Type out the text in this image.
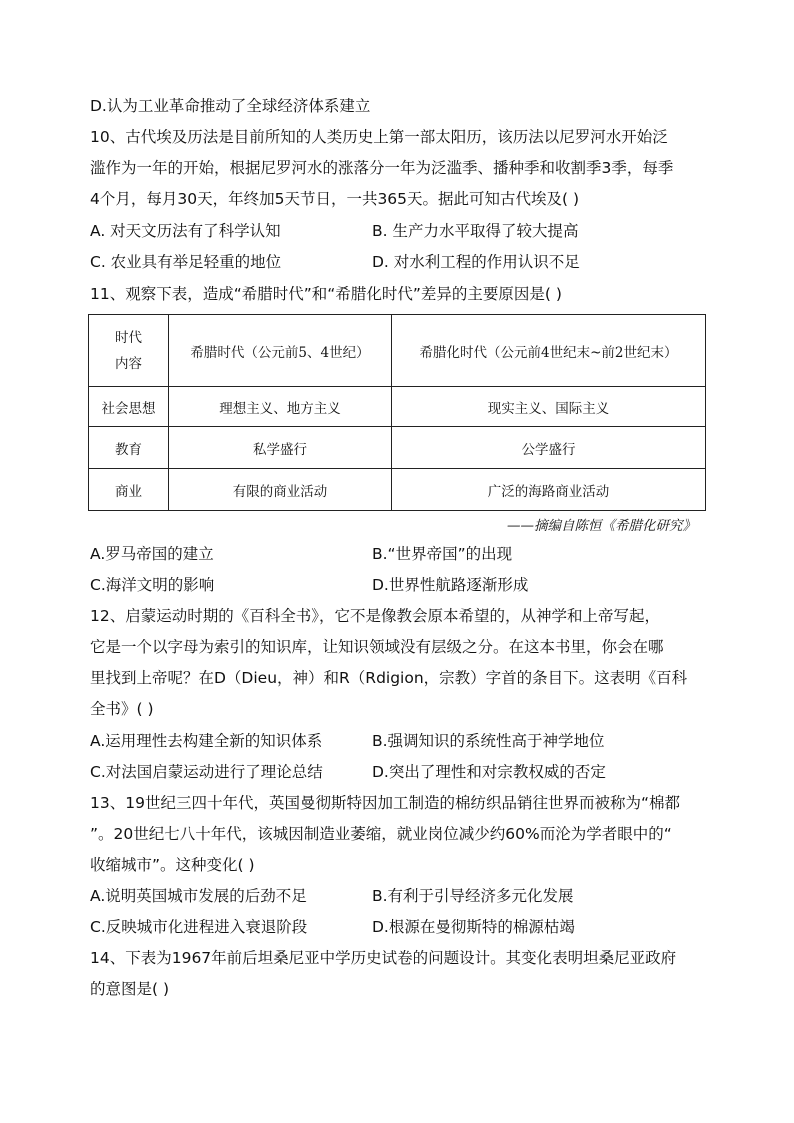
D.认为工业革命推动了全球经济体系建立
10、古代埃及历法是目前所知的人类历史上第一部太阳历，该历法以尼罗河水开始泛
滥作为一年的开始，根据尼罗河水的涨落分一年为泛滥季、播种季和收割季3季，每季
4个月，每月30天，年终加5天节日，一共365天。据此可知古代埃及( )
A. 对天文历法有了科学认知	B. 生产力水平取得了较大提高
C. 农业具有举足轻重的地位	D. 对水利工程的作用认识不足
11、观察下表，造成“希腊时代”和“希腊化时代”差异的主要原因是( )
时代
内容	希腊时代（公元前5、4世纪）	希腊化时代（公元前4世纪末~前2世纪末）
社会思想	理想主义、地方主义	现实主义、国际主义
教育	私学盛行	公学盛行
商业	有限的商业活动	广泛的海路商业活动
——摘编自陈恒《希腊化研究》
A.罗马帝国的建立	B.“世界帝国”的出现
C.海洋文明的影响	D.世界性航路逐渐形成
12、启蒙运动时期的《百科全书》，它不是像教会原本希望的，从神学和上帝写起，
它是一个以字母为索引的知识库，让知识领域没有层级之分。在这本书里，你会在哪
里找到上帝呢？在D（Dieu，神）和R（Rdigion，宗教）字首的条目下。这表明《百科
全书》( )
A.运用理性去构建全新的知识体系	B.强调知识的系统性高于神学地位
C.对法国启蒙运动进行了理论总结	D.突出了理性和对宗教权威的否定
13、19世纪三四十年代，英国曼彻斯特因加工制造的棉纺织品销往世界而被称为“棉都
”。20世纪七八十年代，该城因制造业萎缩，就业岗位减少约60%而沦为学者眼中的“
收缩城市”。这种变化( )
A.说明英国城市发展的后劲不足	B.有利于引导经济多元化发展
C.反映城市化进程进入衰退阶段	D.根源在曼彻斯特的棉源枯竭
14、下表为1967年前后坦桑尼亚中学历史试卷的问题设计。其变化表明坦桑尼亚政府
的意图是( )
